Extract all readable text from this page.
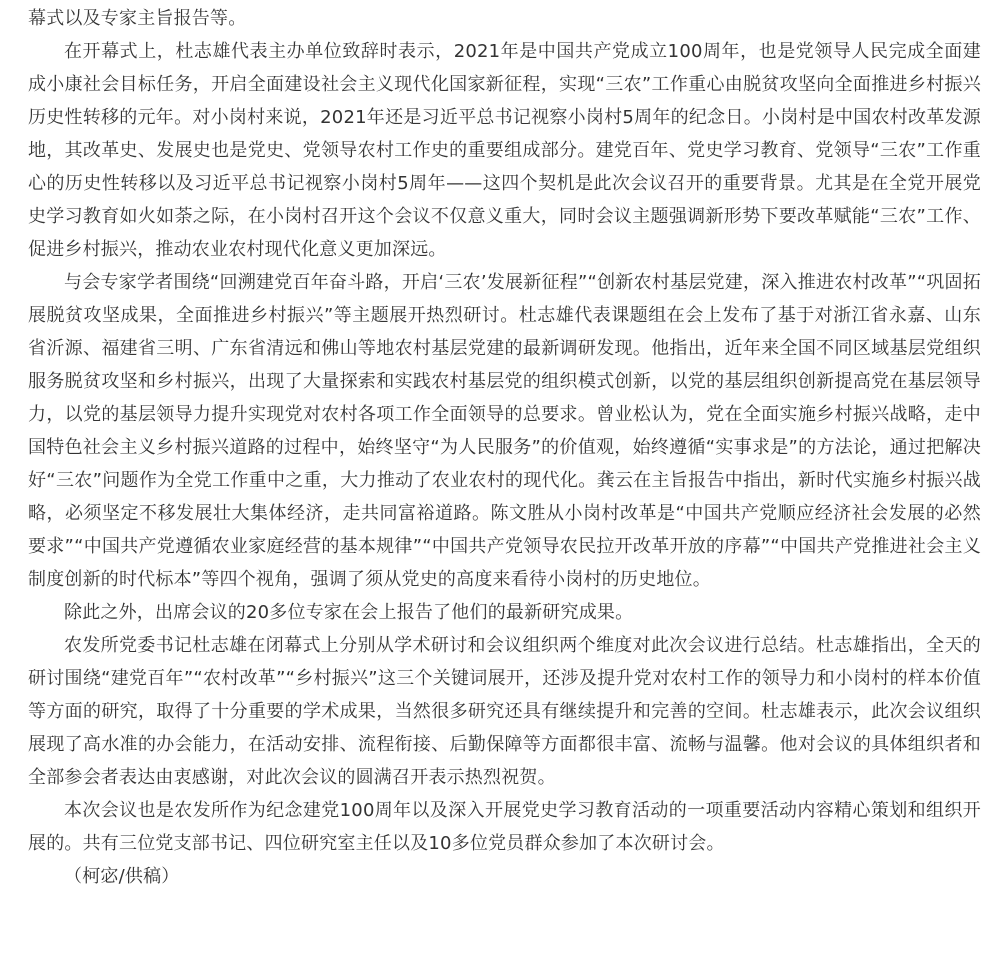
幕式以及专家主旨报告等。

在开幕式上，杜志雄代表主办单位致辞时表示，2021年是中国共产党成立100周年，也是党领导人民完成全面建成小康社会目标任务，开启全面建设社会主义现代化国家新征程，实现“三农”工作重心由脱贫攻坚向全面推进乡村振兴历史性转移的元年。对小岗村来说，2021年还是习近平总书记视察小岗村5周年的纪念日。小岗村是中国农村改革发源地，其改革史、发展史也是党史、党领导农村工作史的重要组成部分。建党百年、党史学习教育、党领导“三农”工作重心的历史性转移以及习近平总书记视察小岗村5周年——这四个契机是此次会议召开的重要背景。尤其是在全党开展党史学习教育如火如荼之际，在小岗村召开这个会议不仅意义重大，同时会议主题强调新形势下要改革赋能“三农”工作、促进乡村振兴，推动农业农村现代化意义更加深远。

与会专家学者围绕“回溯建党百年奋斗路，开启‘三农’发展新征程”“创新农村基层党建，深入推进农村改革”“巩固拓展脱贫攻坚成果，全面推进乡村振兴”等主题展开热烈研讨。杜志雄代表课题组在会上发布了基于对浙江省永嘉、山东省沂源、福建省三明、广东省清远和佛山等地农村基层党建的最新调研发现。他指出，近年来全国不同区域基层党组织服务脱贫攻坚和乡村振兴，出现了大量探索和实践农村基层党的组织模式创新，以党的基层组织创新提高党在基层领导力，以党的基层领导力提升实现党对农村各项工作全面领导的总要求。曾业松认为，党在全面实施乡村振兴战略，走中国特色社会主义乡村振兴道路的过程中，始终坚守“为人民服务”的价值观，始终遵循“实事求是”的方法论，通过把解决好“三农”问题作为全党工作重中之重，大力推动了农业农村的现代化。龚云在主旨报告中指出，新时代实施乡村振兴战略，必须坚定不移发展壮大集体经济，走共同富裕道路。陈文胜从小岗村改革是“中国共产党顺应经济社会发展的必然要求”“中国共产党遵循农业家庭经营的基本规律”“中国共产党领导农民拉开改革开放的序幕”“中国共产党推进社会主义制度创新的时代标本”等四个视角，强调了须从党史的高度来看待小岗村的历史地位。

除此之外，出席会议的20多位专家在会上报告了他们的最新研究成果。

农发所党委书记杜志雄在闭幕式上分别从学术研讨和会议组织两个维度对此次会议进行总结。杜志雄指出，全天的研讨围绕“建党百年”“农村改革”“乡村振兴”这三个关键词展开，还涉及提升党对农村工作的领导力和小岗村的样本价值等方面的研究，取得了十分重要的学术成果，当然很多研究还具有继续提升和完善的空间。杜志雄表示，此次会议组织展现了高水准的办会能力，在活动安排、流程衔接、后勤保障等方面都很丰富、流畅与温馨。他对会议的具体组织者和全部参会者表达由衷感谢，对此次会议的圆满召开表示热烈祝贺。

本次会议也是农发所作为纪念建党100周年以及深入开展党史学习教育活动的一项重要活动内容精心策划和组织开展的。共有三位党支部书记、四位研究室主任以及10多位党员群众参加了本次研讨会。

（柯宓/供稿）
